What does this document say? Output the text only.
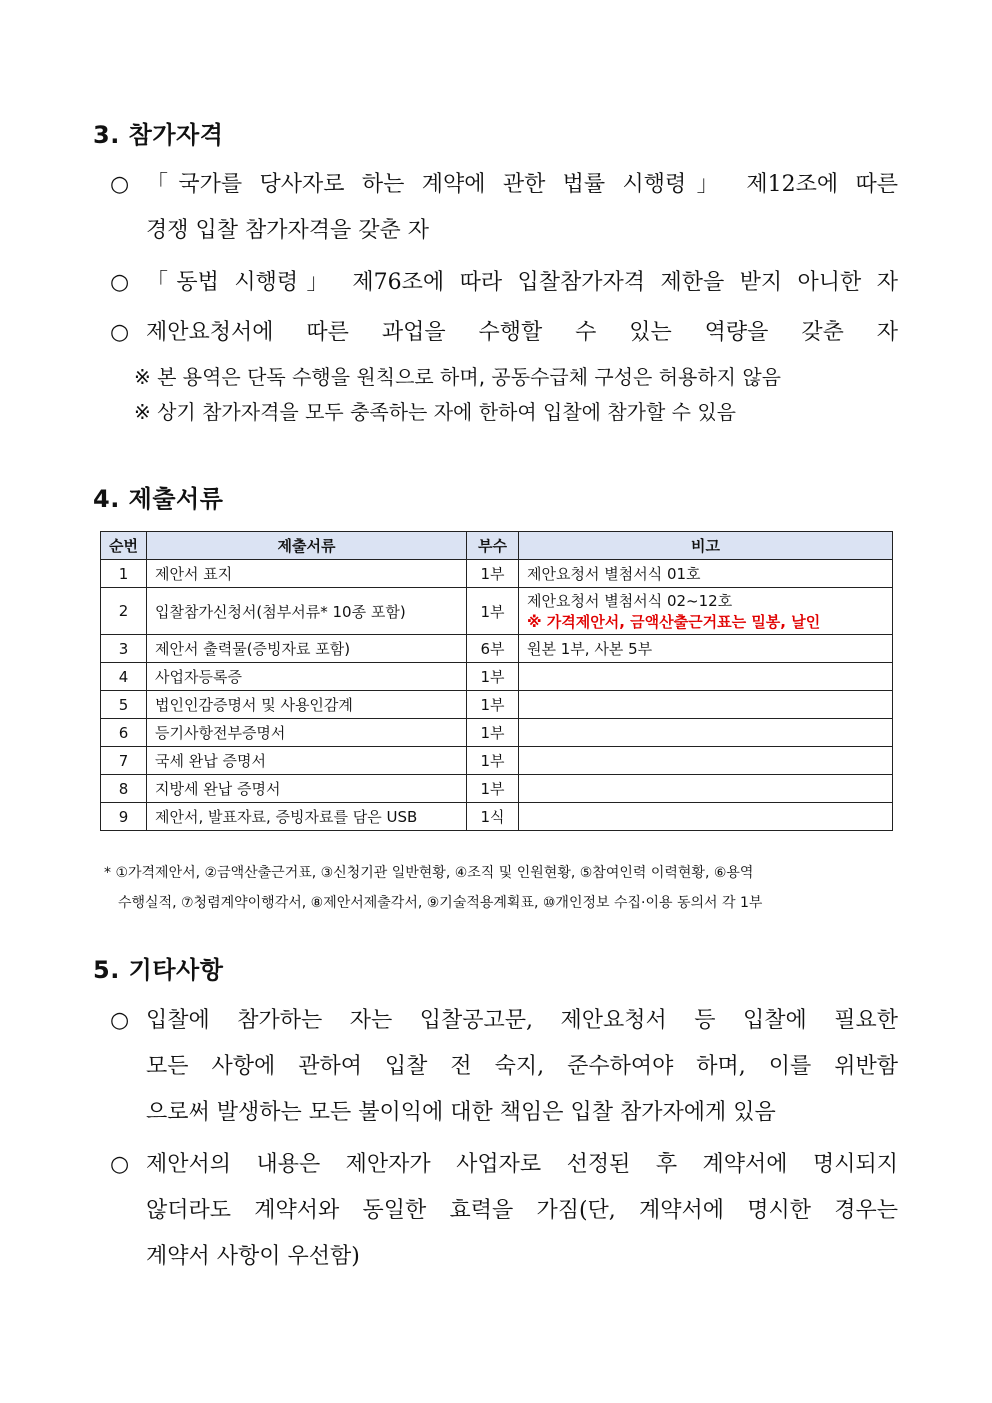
3. 참가자격
○ 「국가를 당사자로 하는 계약에 관한 법률 시행령」 제12조에 따른
경쟁 입찰 참가자격을 갖춘 자
○ 「동법 시행령」 제76조에 따라 입찰참가자격 제한을 받지 아니한 자
○ 제안요청서에 따른 과업을 수행할 수 있는 역량을 갖춘 자
※ 본 용역은 단독 수행을 원칙으로 하며, 공동수급체 구성은 허용하지 않음
※ 상기 참가자격을 모두 충족하는 자에 한하여 입찰에 참가할 수 있음
4. 제출서류
순번	제출서류	부수	비고
1	제안서 표지	1부	제안요청서 별첨서식 01호
2	입찰참가신청서(첨부서류* 10종 포함)	1부	제안요청서 별첨서식 02~12호
※ 가격제안서, 금액산출근거표는 밀봉, 날인

3	제안서 출력물(증빙자료 포함)	6부	원본 1부, 사본 5부
4	사업자등록증	1부	
5	법인인감증명서 및 사용인감계	1부	
6	등기사항전부증명서	1부	
7	국세 완납 증명서	1부	
8	지방세 완납 증명서	1부	
9	제안서, 발표자료, 증빙자료를 담은 USB	1식	
* ①가격제안서, ②금액산출근거표, ③신청기관 일반현황, ④조직 및 인원현황, ⑤참여인력 이력현황, ⑥용역
수행실적, ⑦청렴계약이행각서, ⑧제안서제출각서, ⑨기술적용계획표, ⑩개인정보 수집·이용 동의서 각 1부
5. 기타사항
○ 입찰에 참가하는 자는 입찰공고문, 제안요청서 등 입찰에 필요한
모든 사항에 관하여 입찰 전 숙지, 준수하여야 하며, 이를 위반함
으로써 발생하는 모든 불이익에 대한 책임은 입찰 참가자에게 있음
○ 제안서의 내용은 제안자가 사업자로 선정된 후 계약서에 명시되지
않더라도 계약서와 동일한 효력을 가짐(단, 계약서에 명시한 경우는
계약서 사항이 우선함)
